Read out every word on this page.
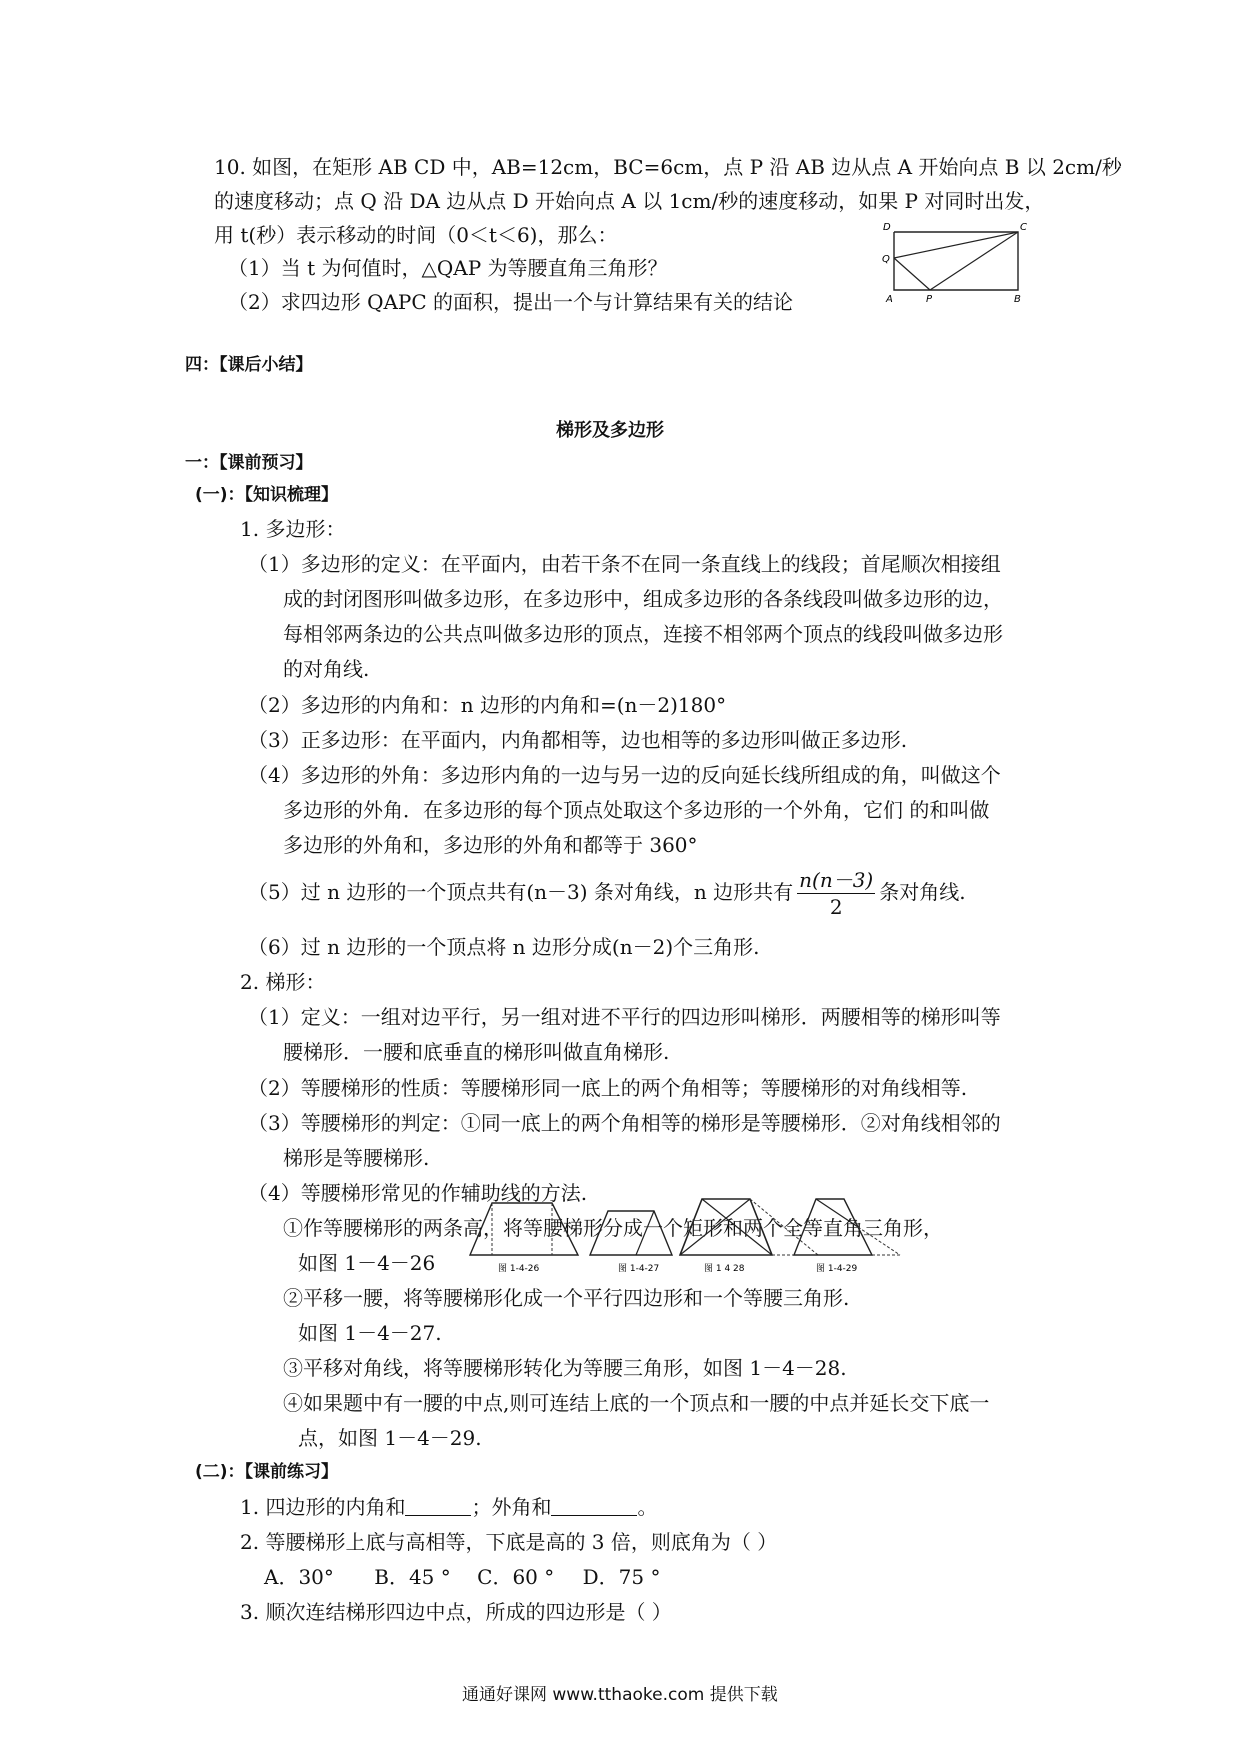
10. 如图，在矩形 AB CD 中，AB=12cm，BC=6cm，点 P 沿 AB 边从点 A 开始向点 B 以 2cm/秒
的速度移动；点 Q 沿 DA 边从点 D 开始向点 A 以 1cm/秒的速度移动，如果 P 对同时出发，
用 t(秒）表示移动的时间（0＜t＜6)，那么：
（1）当 t 为何值时，△QAP 为等腰直角三角形？
（2）求四边形 QAPC 的面积，提出一个与计算结果有关的结论
D	C
Q
A	P	B
四：【课后小结】
梯形及多边形
一：【课前预习】
(一)：【知识梳理】
1. 多边形：
（1）多边形的定义：在平面内，由若干条不在同一条直线上的线段；首尾顺次相接组
成的封闭图形叫做多边形，在多边形中，组成多边形的各条线段叫做多边形的边，
每相邻两条边的公共点叫做多边形的顶点，连接不相邻两个顶点的线段叫做多边形
的对角线.
（2）多边形的内角和：n 边形的内角和=(n－2)180°
（3）正多边形：在平面内，内角都相等，边也相等的多边形叫做正多边形.
（4）多边形的外角：多边形内角的一边与另一边的反向延长线所组成的角，叫做这个
多边形的外角．在多边形的每个顶点处取这个多边形的一个外角，它们 的和叫做
多边形的外角和，多边形的外角和都等于 360°
（5）过 n 边形的一个顶点共有(n－3) 条对角线，n 边形共有 $\frac{n(n-3)}{2}$ 条对角线.
（6）过 n 边形的一个顶点将 n 边形分成(n－2)个三角形.
2. 梯形：
（1）定义：一组对边平行，另一组对进不平行的四边形叫梯形．两腰相等的梯形叫等
腰梯形．一腰和底垂直的梯形叫做直角梯形.
（2）等腰梯形的性质：等腰梯形同一底上的两个角相等；等腰梯形的对角线相等.
（3）等腰梯形的判定：①同一底上的两个角相等的梯形是等腰梯形．②对角线相邻的
梯形是等腰梯形.
（4）等腰梯形常见的作辅助线的方法.
①作等腰梯形的两条高，将等腰梯形分成一个矩形和两个全等直角三角形，
如图 1－4－26	图 1-4-26	图 1-4-27	图 1 4 28	图 1-4-29
②平移一腰，将等腰梯形化成一个平行四边形和一个等腰三角形.
如图 1－4－27.
③平移对角线，将等腰梯形转化为等腰三角形，如图 1－4－28.
④如果题中有一腰的中点,则可连结上底的一个顶点和一腰的中点并延长交下底一
点，如图 1－4－29.
(二)：【课前练习】
1. 四边形的内角和	；外角和	。
2. 等腰梯形上底与高相等，下底是高的 3 倍，则底角为（ ）
A．30° B．45 ° C．60 ° D．75 °
3. 顺次连结梯形四边中点，所成的四边形是（ ）
通通好课网 www.tthaoke.com 提供下载
